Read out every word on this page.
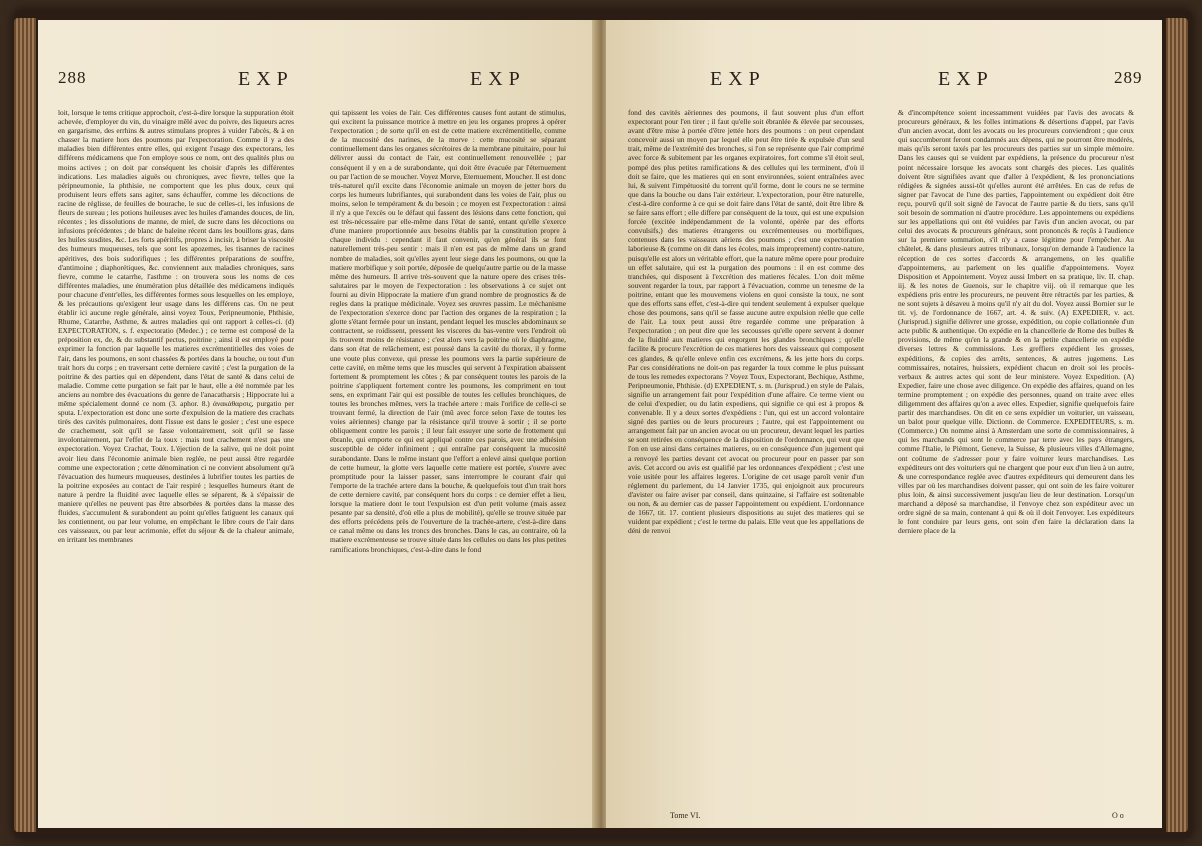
288	EXP	EXP
loit, lorsque le tems critique approchoit, c'est-à-dire lorsque la suppuration étoit achevée, d'employer du vin, du vinaigre mêlé avec du poivre, des liqueurs acres en gargarisme, des errhins & autres stimulans propres à vuider l'abcès, & à en chasser la matiere hors des poumons par l'expectoration. Comme il y a des maladies bien différentes entre elles, qui exigent l'usage des expectorans, les différens médicamens que l'on employe sous ce nom, ont des qualités plus ou moins actives ; on doit par conséquent les choisir d'après les différentes indications. Les maladies aiguës ou chroniques, avec fievre, telles que la péripneumonie, la phthisie, ne comportent que les plus doux, ceux qui produisent leurs effets sans agiter, sans échauffer, comme les décoctions de racine de réglisse, de feuilles de bourache, le suc de celles-ci, les infusions de fleurs de sureau ; les potions huileuses avec les huiles d'amandes douces, de lin, récentes ; les dissolutions de manne, de miel, de sucre dans les décoctions ou infusions précédentes ; de blanc de baleine récent dans les bouillons gras, dans les huiles susdites, &c. Les forts apéritifs, propres à incisir, à briser la viscosité des humeurs muqueuses, tels que sont les apozemes, les tisannes de racines apéritives, des bois sudorifiques ; les différentes préparations de souffre, d'antimoine ; diaphorétiques, &c. conviennent aux maladies chroniques, sans fievre, comme le catarrhe, l'asthme : on trouvera sous les noms de ces différentes maladies, une énumération plus détaillée des médicamens indiqués pour chacune d'entr'elles, les différentes formes sous lesquelles on les employe, & les précautions qu'exigent leur usage dans les différens cas. On ne peut établir ici aucune regle générale, ainsi voyez Toux, Peripneumonie, Phthisie, Rhume, Catarrhe, Asthme, & autres maladies qui ont rapport à celles-ci. (d) EXPECTORATION, s. f. expectoratio (Medec.) ; ce terme est composé de la préposition ex, de, & du substantif pectus, poitrine ; ainsi il est employé pour exprimer la fonction par laquelle les matieres excrémentitielles des voies de l'air, dans les poumons, en sont chassées & portées dans la bouche, ou tout d'un trait hors du corps ; en traversant cette derniere cavité ; c'est la purgation de la poitrine & des parties qui en dépendent, dans l'état de santé & dans celui de maladie. Comme cette purgation se fait par le haut, elle a été nommée par les anciens au nombre des évacuations du genre de l'anacatharsis ; Hippocrate lui a même spécialement donné ce nom (3. aphor. 8.) ἀνακάθαρσις, purgatio per sputa. L'expectoration est donc une sorte d'expulsion de la matiere des crachats tirés des cavités pulmonaires, dont l'issue est dans le gosier ; c'est une espece de crachement, soit qu'il se fasse volontairement, soit qu'il se fasse involontairement, par l'effet de la toux : mais tout crachement n'est pas une expectoration. Voyez Crachat, Toux. L'éjection de la salive, qui ne doit point avoir lieu dans l'économie animale bien reglée, ne peut aussi être regardée comme une expectoration ; cette dénomination ci ne convient absolument qu'à l'évacuation des humeurs muqueuses, destinées à lubrifier toutes les parties de la poitrine exposées au contact de l'air respiré ; lesquelles humeurs étant de nature à perdre la fluidité avec laquelle elles se séparent, & à s'épaissir de maniere qu'elles ne peuvent pas être absorbées & portées dans la masse des fluides, s'accumulent & surabondent au point qu'elles fatiguent les canaux qui les contiennent, ou par leur volume, en empêchant le libre cours de l'air dans ces vaisseaux, ou par leur acrimonie, effet du séjour & de la chaleur animale, en irritant les membranes
qui tapissent les voies de l'air. Ces différentes causes font autant de stimulus, qui excitent la puissance motrice à mettre en jeu les organes propres à opérer l'expectoration ; de sorte qu'il en est de cette matiere excrémentitielle, comme de la mucosité des narines, de la morve : cette mucosité se séparant continuellement dans les organes sécrétoires de la membrane pituitaire, pour lui délivrer aussi du contact de l'air, est continuellement renouvellée ; par conséquent il y en a de surabondante, qui doit être évacuée par l'éternuement ou par l'action de se moucher. Voyez Morve, Eternuement, Moucher. Il est donc très-naturel qu'il excite dans l'économie animale un moyen de jetter hors du corps les humeurs lubrifiantes, qui surabondent dans les voies de l'air, plus ou moins, selon le tempérament & du besoin ; ce moyen est l'expectoration : ainsi il n'y a que l'excès ou le défaut qui fassent des lésions dans cette fonction, qui est très-nécessaire par elle-même dans l'état de santé, entant qu'elle s'exerce d'une maniere proportionnée aux besoins établis par la constitution propre à chaque individu : cependant il faut convenir, qu'en général ils se font naturellement très-peu sentir : mais il n'en est pas de même dans un grand nombre de maladies, soit qu'elles ayent leur siege dans les poumons, ou que la matiere morbifique y soit portée, déposée de quelqu'autre partie ou de la masse même des humeurs. Il arrive très-souvent que la nature opere des crises très-salutaires par le moyen de l'expectoration : les observations à ce sujet ont fourni au divin Hippocrate la matiere d'un grand nombre de prognostics & de regles dans la pratique médicinale. Voyez ses œuvres passim. Le méchanisme de l'expectoration s'exerce donc par l'action des organes de la respiration ; la glotte s'étant fermée pour un instant, pendant lequel les muscles abdominaux se contractent, se roidissent, pressent les visceres du bas-ventre vers l'endroit où ils trouvent moins de résistance ; c'est alors vers la poitrine où le diaphragme, dans son état de relâchement, est poussé dans la cavité du thorax, il y forme une voute plus convexe, qui presse les poumons vers la partie supérieure de cette cavité, en même tems que les muscles qui servent à l'expiration abaissent fortement & promptement les côtes ; & par conséquent toutes les parois de la poitrine s'appliquent fortement contre les poumons, les compriment en tout sens, en exprimant l'air qui est possible de toutes les cellules bronchiques, de toutes les bronches mêmes, vers la trachée artere : mais l'orifice de celle-ci se trouvant fermé, la direction de l'air (mû avec force selon l'axe de toutes les voies aëriennes) change par la résistance qu'il trouve à sortir ; il se porte obliquement contre les parois ; il leur fait essuyer une sorte de frottement qui ébranle, qui emporte ce qui est appliqué contre ces parois, avec une adhésion susceptible de céder infiniment ; qui entraîne par conséquent la mucosité surabondante. Dans le même instant que l'effort a enlevé ainsi quelque portion de cette humeur, la glotte vers laquelle cette matiere est portée, s'ouvre avec promptitude pour la laisser passer, sans interrompre le courant d'air qui l'emporte de la trachée artere dans la bouche, & quelquefois tout d'un trait hors de cette derniere cavité, par conséquent hors du corps : ce dernier effet a lieu, lorsque la matiere dont le tout l'expulsion est d'un petit volume (mais assez pesante par sa densité, d'où elle a plus de mobilité), qu'elle se trouve située par des efforts précédens près de l'ouverture de la trachée-artere, c'est-à-dire dans ce canal même ou dans les troncs des bronches. Dans le cas, au contraire, où la matiere excrémenteuse se trouve située dans les cellules ou dans les plus petites ramifications bronchiques, c'est-à-dire dans le fond
EXP	EXP	289
fond des cavités aëriennes des poumons, il faut souvent plus d'un effort expectorant pour l'en tirer ; il faut qu'elle soit ébranlée & élevée par secousses, avant d'être mise à portée d'être jettée hors des poumons : on peut cependant concevoir aussi un moyen par lequel elle peut être tirée & expulsée d'un seul trait, même de l'extrémité des bronches, si l'on se représente que l'air comprimé avec force & subitement par les organes expiratoires, fort comme s'il étoit seul, pompé des plus petites ramifications & des cellules qui les terminent, d'où il doit se faire, que les matieres qui en sont environnées, soient entraînées avec lui, & suivent l'impétuosité du torrent qu'il forme, dont le cours ne se termine que dans la bouche ou dans l'air extérieur. L'expectoration, pour être naturelle, c'est-à-dire conforme à ce qui se doit faire dans l'état de santé, doit être libre & se faire sans effort ; elle differe par conséquent de la toux, qui est une expulsion forcée (excitée indépendamment de la volonté, opérée par des efforts convulsifs,) des matieres étrangeres ou excrémenteuses ou morbifiques, contenues dans les vaisseaux aëriens des poumons ; c'est une expectoration laborieuse & (comme on dit dans les écoles, mais improprement) contre-nature, puisqu'elle est alors un véritable effort, que la nature même opere pour produire un effet salutaire, qui est la purgation des poumons : il en est comme des tranchées, qui disposent à l'excrétion des matieres fécales. L'on doit même souvent regarder la toux, par rapport à l'évacuation, comme un tenesme de la poitrine, entant que les mouvemens violens en quoi consiste la toux, ne sont que des efforts sans effet, c'est-à-dire qui tendent seulement à expulser quelque chose des poumons, sans qu'il se fasse aucune autre expulsion réelle que celle de l'air. La toux peut aussi être regardée comme une préparation à l'expectoration ; on peut dire que les secousses qu'elle opere servent à donner de la fluidité aux matieres qui engorgent les glandes bronchiques ; qu'elle facilite & procure l'excrétion de ces matieres hors des vaisseaux qui composent ces glandes, & qu'elle enleve enfin ces excrémens, & les jette hors du corps. Par ces considérations ne doit-on pas regarder la toux comme le plus puissant de tous les remedes expectorans ? Voyez Toux, Expectorant, Bechique, Asthme, Peripneumonie, Phthisie. (d) EXPEDIENT, s. m. (Jurisprud.) en style de Palais, signifie un arrangement fait pour l'expédition d'une affaire. Ce terme vient ou de celui d'expedier, ou du latin expediens, qui signifie ce qui est à propos & convenable. Il y a deux sortes d'expédiens : l'un, qui est un accord volontaire signé des parties ou de leurs procureurs ; l'autre, qui est l'appointement ou arrangement fait par un ancien avocat ou un procureur, devant lequel les parties se sont retirées en conséquence de la disposition de l'ordonnance, qui veut que l'on en use ainsi dans certaines matieres, ou en conséquence d'un jugement qui a renvoyé les parties devant cet avocat ou procureur pour en passer par son avis. Cet accord ou avis est qualifié par les ordonnances d'expédient ; c'est une voie usitée pour les affaires legeres. L'origine de cet usage paroît venir d'un réglement du parlement, du 14 Janvier 1735, qui enjoignoit aux procureurs d'avister ou faire aviser par conseil, dans quinzaine, si l'affaire est soûtenable ou non, & au dernier cas de passer l'appointement ou expédient. L'ordonnance de 1667, tit. 17. contient plusieurs dispositions au sujet des matieres qui se vuident par expédient ; c'est le terme du palais. Elle veut que les appellations de déni de renvoi
& d'incompétence soient incessamment vuidées par l'avis des avocats & procureurs généraux, & les folles intimations & désertions d'appel, par l'avis d'un ancien avocat, dont les avocats ou les procureurs conviendront ; que ceux qui succomberont feront condamnés aux dépens, qui ne pourront être modérés, mais qu'ils seront taxés par les procureurs des parties sur un simple mémoire. Dans les causes qui se vuident par expédiens, la présence du procureur n'est point nécessaire lorsque les avocats sont chargés des pieces. Les qualités doivent être signifiées avant que d'aller à l'expédient, & les prononciations rédigées & signées aussi-tôt qu'elles auront été arrêtées. En cas de refus de signer par l'avocat de l'une des parties, l'appointement ou expédient doit être reçu, pourvû qu'il soit signé de l'avocat de l'autre partie & du tiers, sans qu'il soit besoin de sommation ni d'autre procédure. Les appointemens ou expédiens sur les appellations qui ont été vuidées par l'avis d'un ancien avocat, ou par celui des avocats & procureurs généraux, sont prononcés & reçûs à l'audience sur la premiere sommation, s'il n'y a cause légitime pour l'empêcher. Au châtelet, & dans plusieurs autres tribunaux, lorsqu'on demande à l'audience la réception de ces sortes d'accords & arrangemens, on les qualifie d'appointemens, au parlement on les qualifie d'appointemens. Voyez Disposition et Appointement. Voyez aussi Imbert en sa pratique, liv. II. chap. iij. & les notes de Guenois, sur le chapitre viij. où il remarque que les expédiens pris entre les procureurs, ne peuvent être rétractés par les parties, & ne sont sujets à désaveu à moins qu'il n'y ait du dol. Voyez aussi Bornier sur le tit. vj. de l'ordonnance de 1667, art. 4. & suiv. (A) EXPEDIER, v. act. (Jurisprud.) signifie délivrer une grosse, expédition, ou copie collationnée d'un acte public & authentique. On expédie en la chancellerie de Rome des bulles & provisions, de même qu'en la grande & en la petite chancellerie on expédie diverses lettres & commissions. Les greffiers expédient les grosses, expéditions, & copies des arrêts, sentences, & autres jugemens. Les commissaires, notaires, huissiers, expédient chacun en droit soi les procès-verbaux & autres actes qui sont de leur ministere. Voyez Expedition. (A) Expedier, faire une chose avec diligence. On expédie des affaires, quand on les termine promptement ; on expédie des personnes, quand on traite avec elles diligemment des affaires qu'on a avec elles. Expedier, signifie quelquefois faire partir des marchandises. On dit en ce sens expédier un voiturier, un vaisseau, un balot pour quelque ville. Dictionn. de Commerce. EXPEDITEURS, s. m. (Commerce.) On nomme ainsi à Amsterdam une sorte de commissionnaires, à qui les marchands qui sont le commerce par terre avec les pays étrangers, comme l'Italie, le Piémont, Geneve, la Suisse, & plusieurs villes d'Allemagne, ont coûtume de s'adresser pour y faire voiturer leurs marchandises. Les expéditeurs ont des voituriers qui ne chargent que pour eux d'un lieu à un autre, & une correspondance reglée avec d'autres expéditeurs qui demeurent dans les villes par où les marchandises doivent passer, qui ont soin de les faire voiturer plus loin, & ainsi successivement jusqu'au lieu de leur destination. Lorsqu'un marchand a déposé sa marchandise, il l'envoye chez son expéditeur avec un ordre signé de sa main, contenant à qui & où il doit l'envoyer. Les expéditeurs le font conduire par leurs gens, ont soin d'en faire la déclaration dans la derniere place de la
Tome VI.	O o
